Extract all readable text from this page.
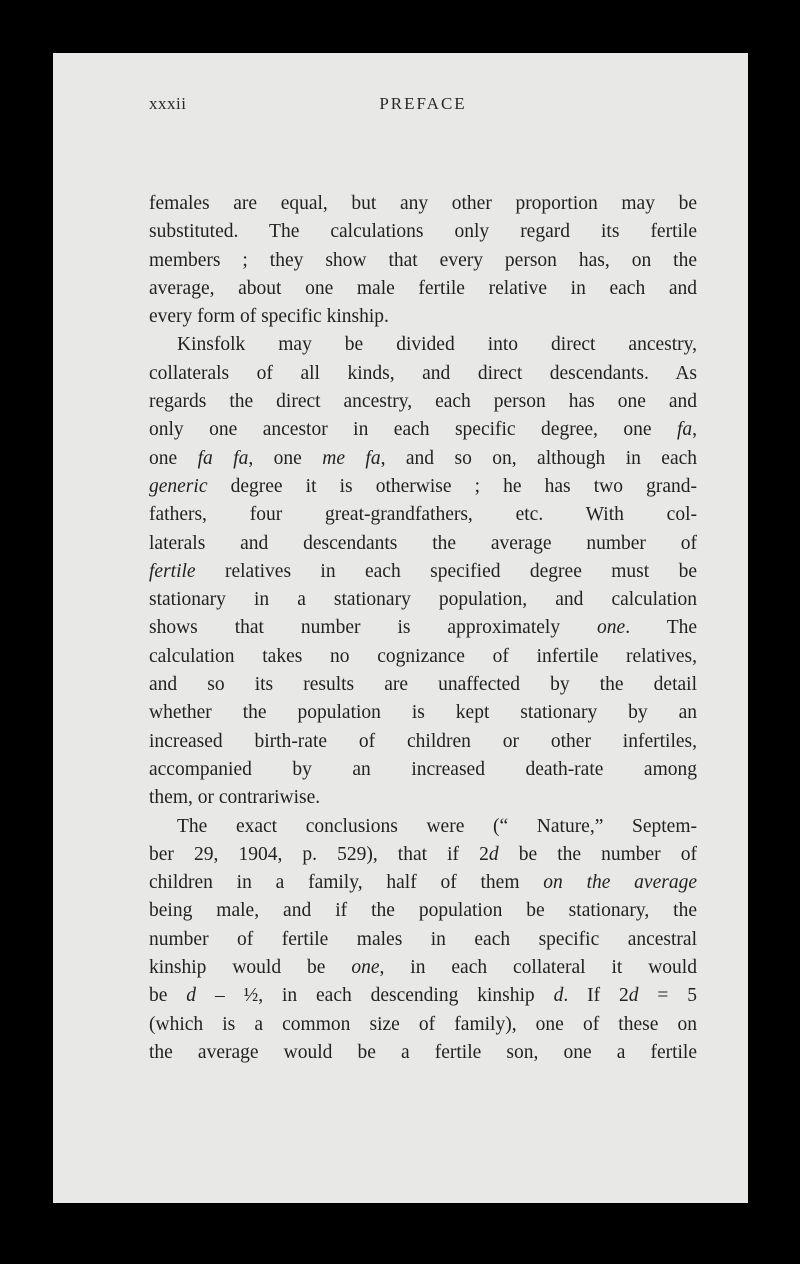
xxxii	PREFACE
females are equal, but any other proportion may be
substituted. The calculations only regard its fertile
members ; they show that every person has, on the
average, about one male fertile relative in each and
every form of specific kinship.
Kinsfolk may be divided into direct ancestry,
collaterals of all kinds, and direct descendants. As
regards the direct ancestry, each person has one and
only one ancestor in each specific degree, one fa,
one fa fa, one me fa, and so on, although in each
generic degree it is otherwise ; he has two grand-
fathers, four great-grandfathers, etc. With col-
laterals and descendants the average number of
fertile relatives in each specified degree must be
stationary in a stationary population, and calculation
shows that number is approximately one. The
calculation takes no cognizance of infertile relatives,
and so its results are unaffected by the detail
whether the population is kept stationary by an
increased birth-rate of children or other infertiles,
accompanied by an increased death-rate among
them, or contrariwise.
The exact conclusions were (“ Nature,” Septem-
ber 29, 1904, p. 529), that if 2d be the number of
children in a family, half of them on the average
being male, and if the population be stationary, the
number of fertile males in each specific ancestral
kinship would be one, in each collateral it would
be d – ½, in each descending kinship d. If 2d = 5
(which is a common size of family), one of these on
the average would be a fertile son, one a fertile
